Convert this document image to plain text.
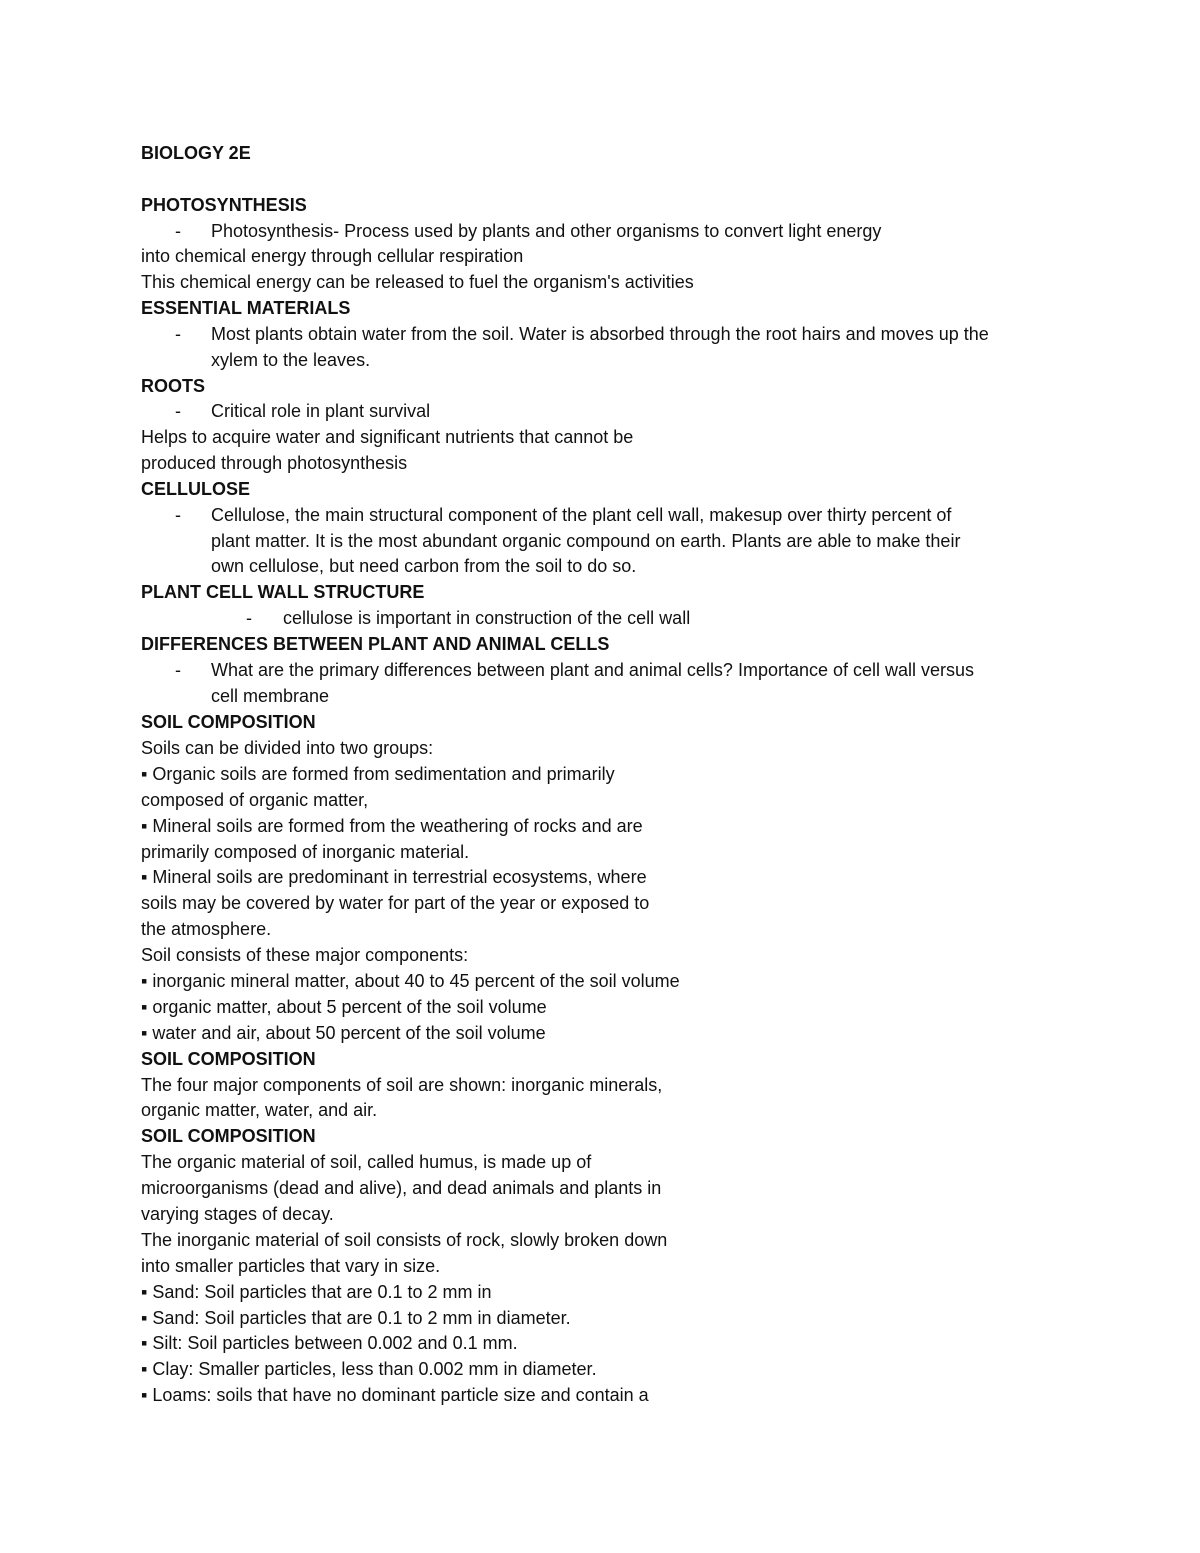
BIOLOGY 2E
PHOTOSYNTHESIS
- Photosynthesis- Process used by plants and other organisms to convert light energy
into chemical energy through cellular respiration
This chemical energy can be released to fuel the organism's activities
ESSENTIAL MATERIALS
- Most plants obtain water from the soil. Water is absorbed through the root hairs and moves up the
xylem to the leaves.
ROOTS
- Critical role in plant survival
Helps to acquire water and significant nutrients that cannot be
produced through photosynthesis
CELLULOSE
- Cellulose, the main structural component of the plant cell wall, makesup over thirty percent of
plant matter. It is the most abundant organic compound on earth. Plants are able to make their
own cellulose, but need carbon from the soil to do so.
PLANT CELL WALL STRUCTURE
- cellulose is important in construction of the cell wall
DIFFERENCES BETWEEN PLANT AND ANIMAL CELLS
- What are the primary differences between plant and animal cells? Importance of cell wall versus
cell membrane
SOIL COMPOSITION
Soils can be divided into two groups:
▪ Organic soils are formed from sedimentation and primarily
composed of organic matter,
▪ Mineral soils are formed from the weathering of rocks and are
primarily composed of inorganic material.
▪ Mineral soils are predominant in terrestrial ecosystems, where
soils may be covered by water for part of the year or exposed to
the atmosphere.
Soil consists of these major components:
▪ inorganic mineral matter, about 40 to 45 percent of the soil volume
▪ organic matter, about 5 percent of the soil volume
▪ water and air, about 50 percent of the soil volume
SOIL COMPOSITION
The four major components of soil are shown: inorganic minerals,
organic matter, water, and air.
SOIL COMPOSITION
The organic material of soil, called humus, is made up of
microorganisms (dead and alive), and dead animals and plants in
varying stages of decay.
The inorganic material of soil consists of rock, slowly broken down
into smaller particles that vary in size.
▪ Sand: Soil particles that are 0.1 to 2 mm in
▪ Sand: Soil particles that are 0.1 to 2 mm in diameter.
▪ Silt: Soil particles between 0.002 and 0.1 mm.
▪ Clay: Smaller particles, less than 0.002 mm in diameter.
▪ Loams: soils that have no dominant particle size and contain a
